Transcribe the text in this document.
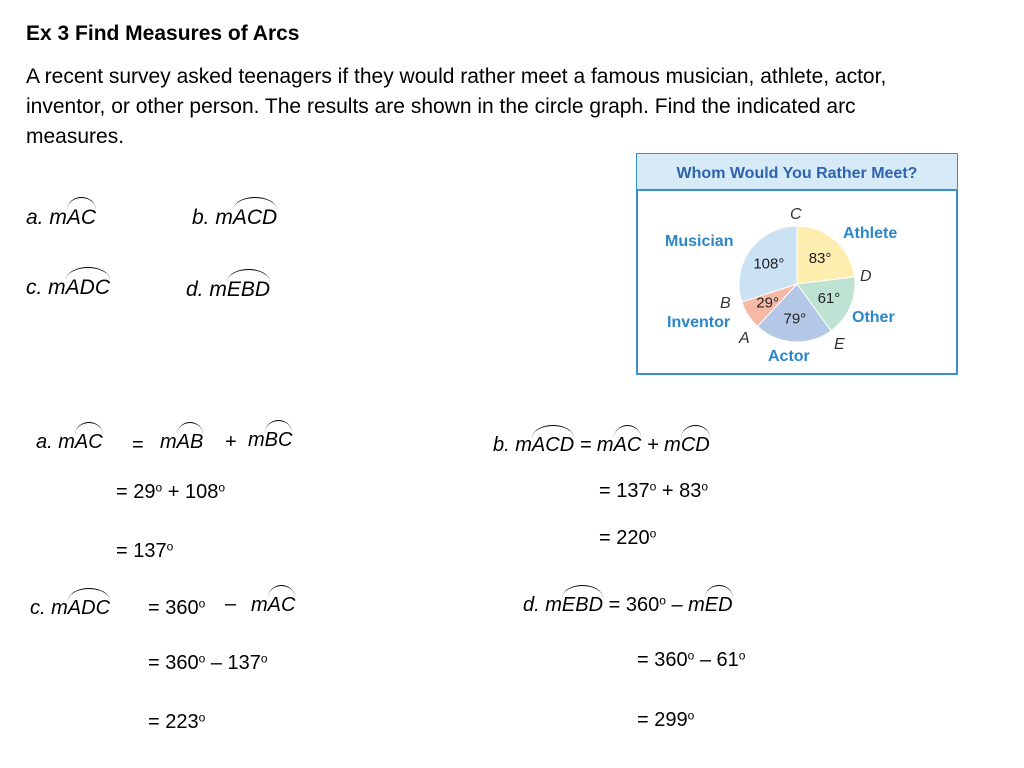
Ex 3 Find Measures of Arcs
A recent survey asked teenagers if they would rather meet a famous musician, athlete, actor, inventor, or other person. The results are shown in the circle graph. Find the indicated arc measures.
a. mAC	b. mACD
c. mADC	d. mEBD
Whom Would You Rather Meet?
83°
61°
79°
29°
108°
Musician	Athlete
Other
Actor
Inventor
C
D
E
A
B
a. mAC = mAB + mBC
= $29^o + 108^o$
= $137^o$
b. mACD = mAC + mCD
= $137^o + 83^o$
= $220^o$
c. mADC = $360^o$ – mAC
= $360^o - 137^o$
= $223^o$
d. mEBD = $360^o$ – mED
= $360^o - 61^o$
= $299^o$
